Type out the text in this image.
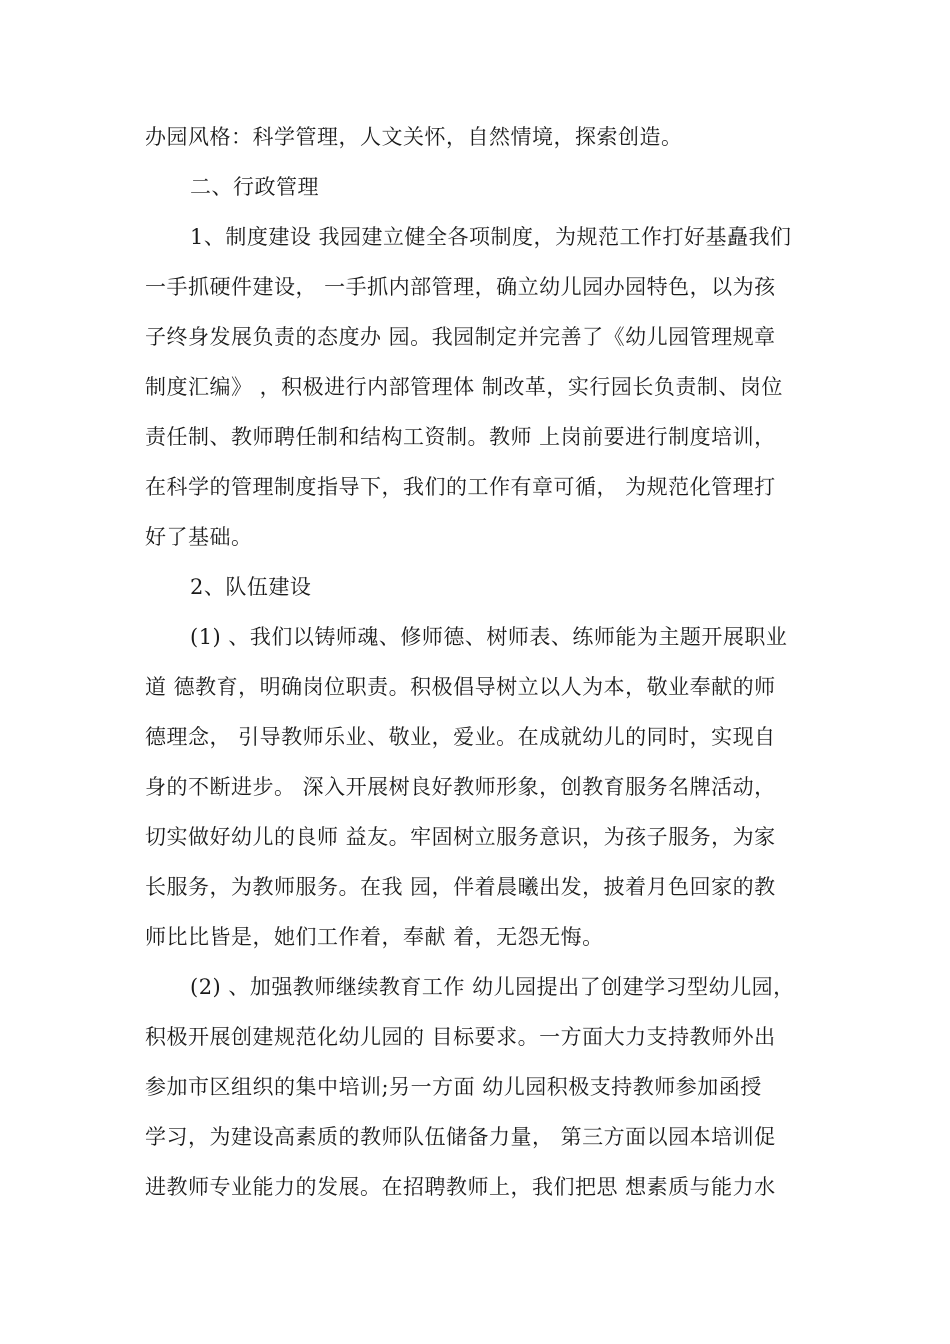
办园风格：科学管理，人文关怀，自然情境，探索创造。
二、行政管理
1、制度建设 我园建立健全各项制度，为规范工作打好基矗我们
一手抓硬件建设， 一手抓内部管理，确立幼儿园办园特色，以为孩
子终身发展负责的态度办 园。我园制定并完善了《幼儿园管理规章
制度汇编》 ，积极进行内部管理体 制改革，实行园长负责制、岗位
责任制、教师聘任制和结构工资制。教师 上岗前要进行制度培训，
在科学的管理制度指导下，我们的工作有章可循， 为规范化管理打
好了基础。
2、队伍建设
(1) 、我们以铸师魂、修师德、树师表、练师能为主题开展职业
道 德教育，明确岗位职责。积极倡导树立以人为本，敬业奉献的师
德理念， 引导教师乐业、敬业，爱业。在成就幼儿的同时，实现自
身的不断进步。 深入开展树良好教师形象，创教育服务名牌活动，
切实做好幼儿的良师 益友。牢固树立服务意识，为孩子服务，为家
长服务，为教师服务。在我 园，伴着晨曦出发，披着月色回家的教
师比比皆是，她们工作着，奉献 着，无怨无悔。
(2) 、加强教师继续教育工作 幼儿园提出了创建学习型幼儿园，
积极开展创建规范化幼儿园的 目标要求。一方面大力支持教师外出
参加市区组织的集中培训;另一方面 幼儿园积极支持教师参加函授
学习，为建设高素质的教师队伍储备力量， 第三方面以园本培训促
进教师专业能力的发展。在招聘教师上，我们把思 想素质与能力水
